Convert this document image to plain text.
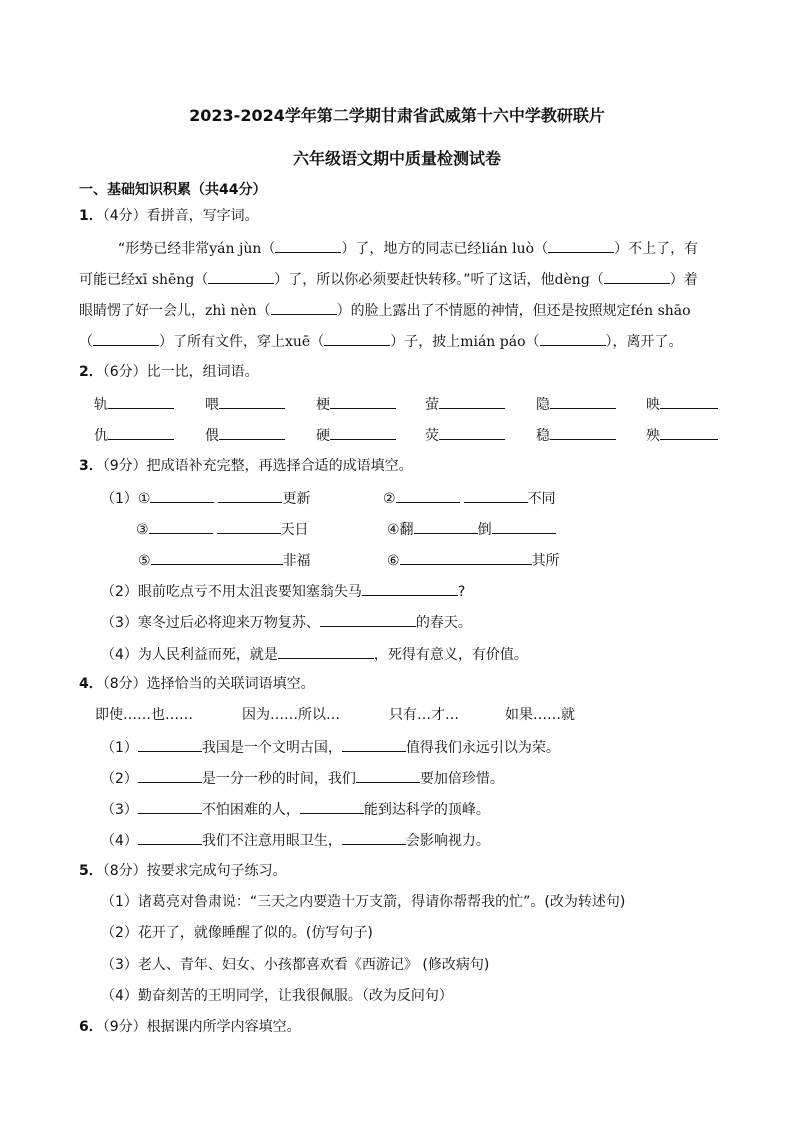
2023-2024学年第二学期甘肃省武威第十六中学教研联片
六年级语文期中质量检测试卷
一、基础知识积累（共44分）
1．（4分）看拼音，写字词。
“形势已经非常yán jùn（	）了，地方的同志已经lián luò（	）不上了，有
可能已经xī shēng（	）了，所以你必须要赶快转移。”听了这话，他dèng（	）着
眼睛愣了好一会儿，zhì nèn（	）的脸上露出了不情愿的神情，但还是按照规定fén shāo
（	）了所有文件，穿上xuē（	）子，披上mián páo（	），离开了。
2．（6分）比一比，组词语。
轨	喂	梗	萤	隐	映
仇	偎	硬	荧	稳	殃
3．（9分）把成语补充完整，再选择合适的成语填空。
（1）①	更新	②	不同
③	天日	④翻	倒
⑤	非福	⑥	其所
（2）眼前吃点亏不用太沮丧要知塞翁失马	?
（3）寒冬过后必将迎来万物复苏、	的春天。
（4）为人民利益而死，就是	，死得有意义，有价值。
4．（8分）选择恰当的关联词语填空。
即使……也……	因为……所以…	只有…才…	如果……就
（1）	我国是一个文明古国，	值得我们永远引以为荣。
（2）	是一分一秒的时间，我们	要加倍珍惜。
（3）	不怕困难的人，	能到达科学的顶峰。
（4）	我们不注意用眼卫生，	会影响视力。
5．（8分）按要求完成句子练习。
（1）诸葛亮对鲁肃说：“三天之内要造十万支箭，得请你帮帮我的忙”。(改为转述句)
（2）花开了，就像睡醒了似的。(仿写句子)
（3）老人、青年、妇女、小孩都喜欢看《西游记》 (修改病句)
（4）勤奋刻苦的王明同学，让我很佩服。（改为反问句）
6．（9分）根据课内所学内容填空。
